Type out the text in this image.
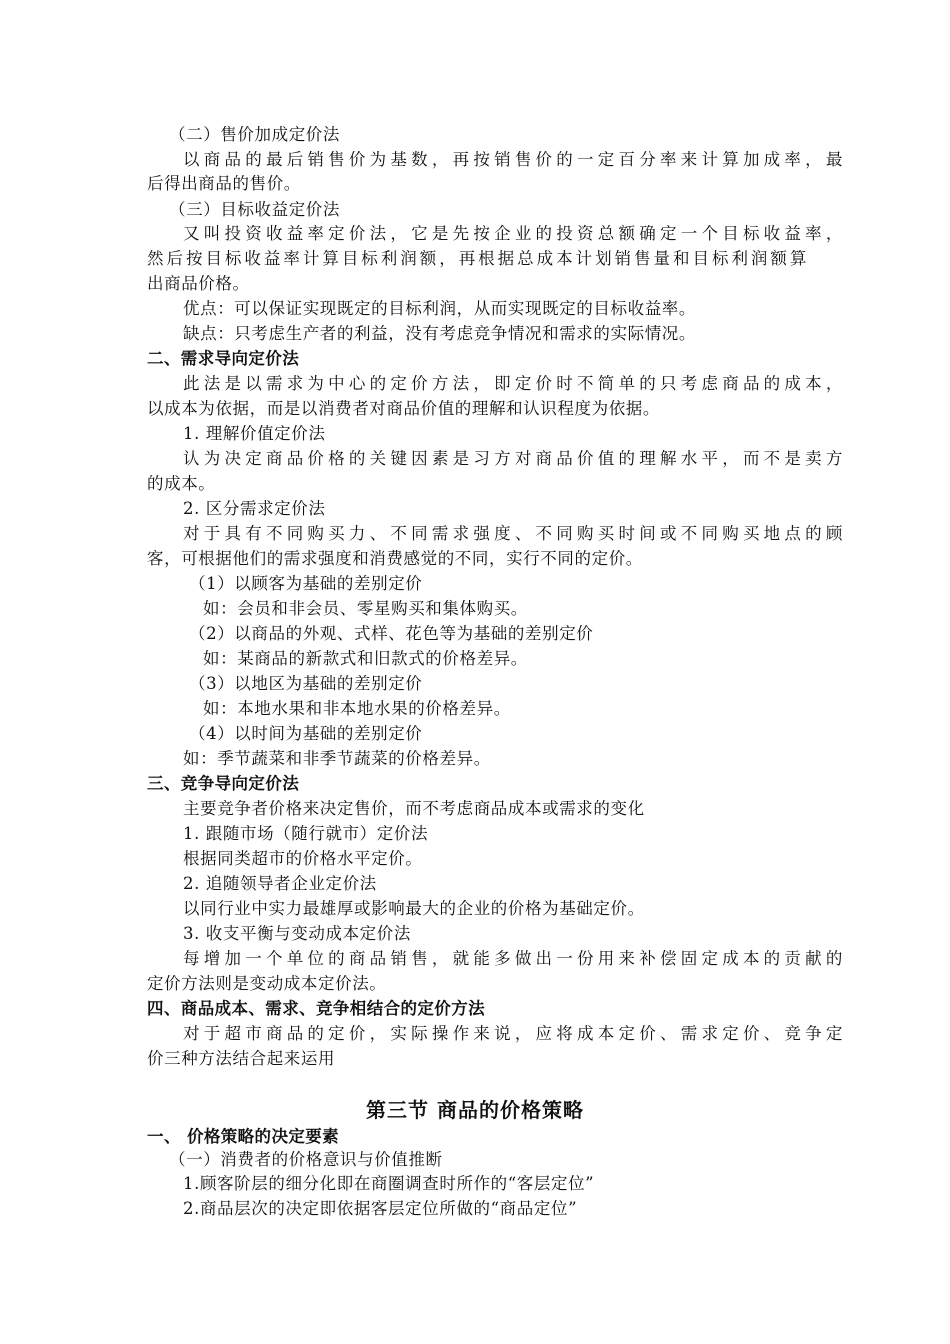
（二）售价加成定价法
以商品的最后销售价为基数，再按销售价的一定百分率来计算加成率，最
后得出商品的售价。
（三）目标收益定价法
又叫投资收益率定价法，它是先按企业的投资总额确定一个目标收益率，
然后按目标收益率计算目标利润额，再根据总成本计划销售量和目标利润额算
出商品价格。
优点：可以保证实现既定的目标利润，从而实现既定的目标收益率。
缺点：只考虑生产者的利益，没有考虑竞争情况和需求的实际情况。
二、需求导向定价法
此法是以需求为中心的定价方法，即定价时不简单的只考虑商品的成本，
以成本为依据，而是以消费者对商品价值的理解和认识程度为依据。
1. 理解价值定价法
认为决定商品价格的关键因素是习方对商品价值的理解水平，而不是卖方
的成本。
2. 区分需求定价法
对于具有不同购买力、不同需求强度、不同购买时间或不同购买地点的顾
客，可根据他们的需求强度和消费感觉的不同，实行不同的定价。
（1）以顾客为基础的差别定价
如：会员和非会员、零星购买和集体购买。
（2）以商品的外观、式样、花色等为基础的差别定价
如：某商品的新款式和旧款式的价格差异。
（3）以地区为基础的差别定价
如：本地水果和非本地水果的价格差异。
（4）以时间为基础的差别定价
如：季节蔬菜和非季节蔬菜的价格差异。
三、竞争导向定价法
主要竞争者价格来决定售价，而不考虑商品成本或需求的变化
1. 跟随市场（随行就市）定价法
根据同类超市的价格水平定价。
2. 追随领导者企业定价法
以同行业中实力最雄厚或影响最大的企业的价格为基础定价。
3. 收支平衡与变动成本定价法
每增加一个单位的商品销售，就能多做出一份用来补偿固定成本的贡献的
定价方法则是变动成本定价法。
四、商品成本、需求、竞争相结合的定价方法
对于超市商品的定价，实际操作来说，应将成本定价、需求定价、竞争定
价三种方法结合起来运用
第三节 商品的价格策略
一、 价格策略的决定要素
（一）消费者的价格意识与价值推断
1.顾客阶层的细分化即在商圈调查时所作的“客层定位”
2.商品层次的决定即依据客层定位所做的“商品定位”
